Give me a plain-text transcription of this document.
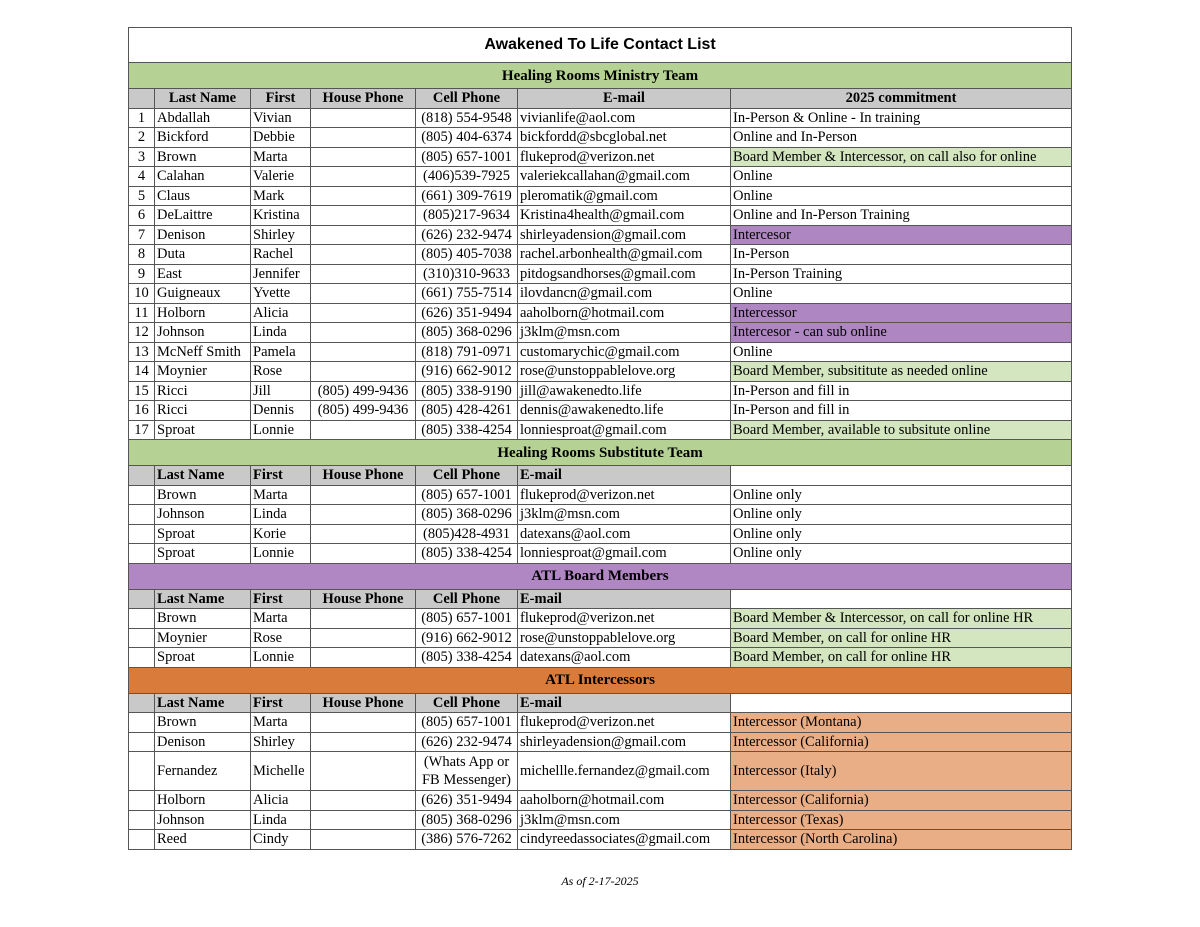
Awakened To Life Contact List						
Healing Rooms Ministry Team						
	Last Name	First	House Phone	Cell Phone	E-mail	2025 commitment
1	Abdallah	Vivian		(818) 554-9548	vivianlife@aol.com	In-Person & Online - In training
2	Bickford	Debbie		(805) 404-6374	bickfordd@sbcglobal.net	Online and In-Person
3	Brown	Marta		(805) 657-1001	flukeprod@verizon.net	Board Member & Intercessor, on call also for online
4	Calahan	Valerie		(406)539-7925	valeriekcallahan@gmail.com	Online
5	Claus	Mark		(661) 309-7619	pleromatik@gmail.com	Online
6	DeLaittre	Kristina		(805)217-9634	Kristina4health@gmail.com	Online and In-Person Training
7	Denison	Shirley		(626) 232-9474	shirleyadension@gmail.com	Intercesor
8	Duta	Rachel		(805) 405-7038	rachel.arbonhealth@gmail.com	In-Person
9	East	Jennifer		(310)310-9633	pitdogsandhorses@gmail.com	In-Person Training
10	Guigneaux	Yvette		(661) 755-7514	ilovdancn@gmail.com	Online
11	Holborn	Alicia		(626) 351-9494	aaholborn@hotmail.com	Intercessor
12	Johnson	Linda		(805) 368-0296	j3klm@msn.com	Intercesor - can sub online
13	McNeff Smith	Pamela		(818) 791-0971	customarychic@gmail.com	Online
14	Moynier	Rose		(916) 662-9012	rose@unstoppablelove.org	Board Member, subsititute as needed online
15	Ricci	Jill	(805) 499-9436	(805) 338-9190	jill@awakenedto.life	In-Person and fill in
16	Ricci	Dennis	(805) 499-9436	(805) 428-4261	dennis@awakenedto.life	In-Person and fill in
17	Sproat	Lonnie		(805) 338-4254	lonniesproat@gmail.com	Board Member, available to subsitute online
Healing Rooms Substitute Team						
	Last Name	First	House Phone	Cell Phone	E-mail	
	Brown	Marta		(805) 657-1001	flukeprod@verizon.net	Online only
	Johnson	Linda		(805) 368-0296	j3klm@msn.com	Online only
	Sproat	Korie		(805)428-4931	datexans@aol.com	Online only
	Sproat	Lonnie		(805) 338-4254	lonniesproat@gmail.com	Online only
ATL Board Members						
	Last Name	First	House Phone	Cell Phone	E-mail	
	Brown	Marta		(805) 657-1001	flukeprod@verizon.net	Board Member & Intercessor, on call for online HR
	Moynier	Rose		(916) 662-9012	rose@unstoppablelove.org	Board Member, on call for online HR
	Sproat	Lonnie		(805) 338-4254	datexans@aol.com	Board Member, on call for online HR
ATL Intercessors						
	Last Name	First	House Phone	Cell Phone	E-mail	
	Brown	Marta		(805) 657-1001	flukeprod@verizon.net	Intercessor (Montana)
	Denison	Shirley		(626) 232-9474	shirleyadension@gmail.com	Intercessor (California)
	Fernandez	Michelle		(Whats App or FB Messenger)	michellle.fernandez@gmail.com	Intercessor (Italy)
	Holborn	Alicia		(626) 351-9494	aaholborn@hotmail.com	Intercessor (California)
	Johnson	Linda		(805) 368-0296	j3klm@msn.com	Intercessor (Texas)
	Reed	Cindy		(386) 576-7262	cindyreedassociates@gmail.com	Intercessor (North Carolina)
As of 2-17-2025
